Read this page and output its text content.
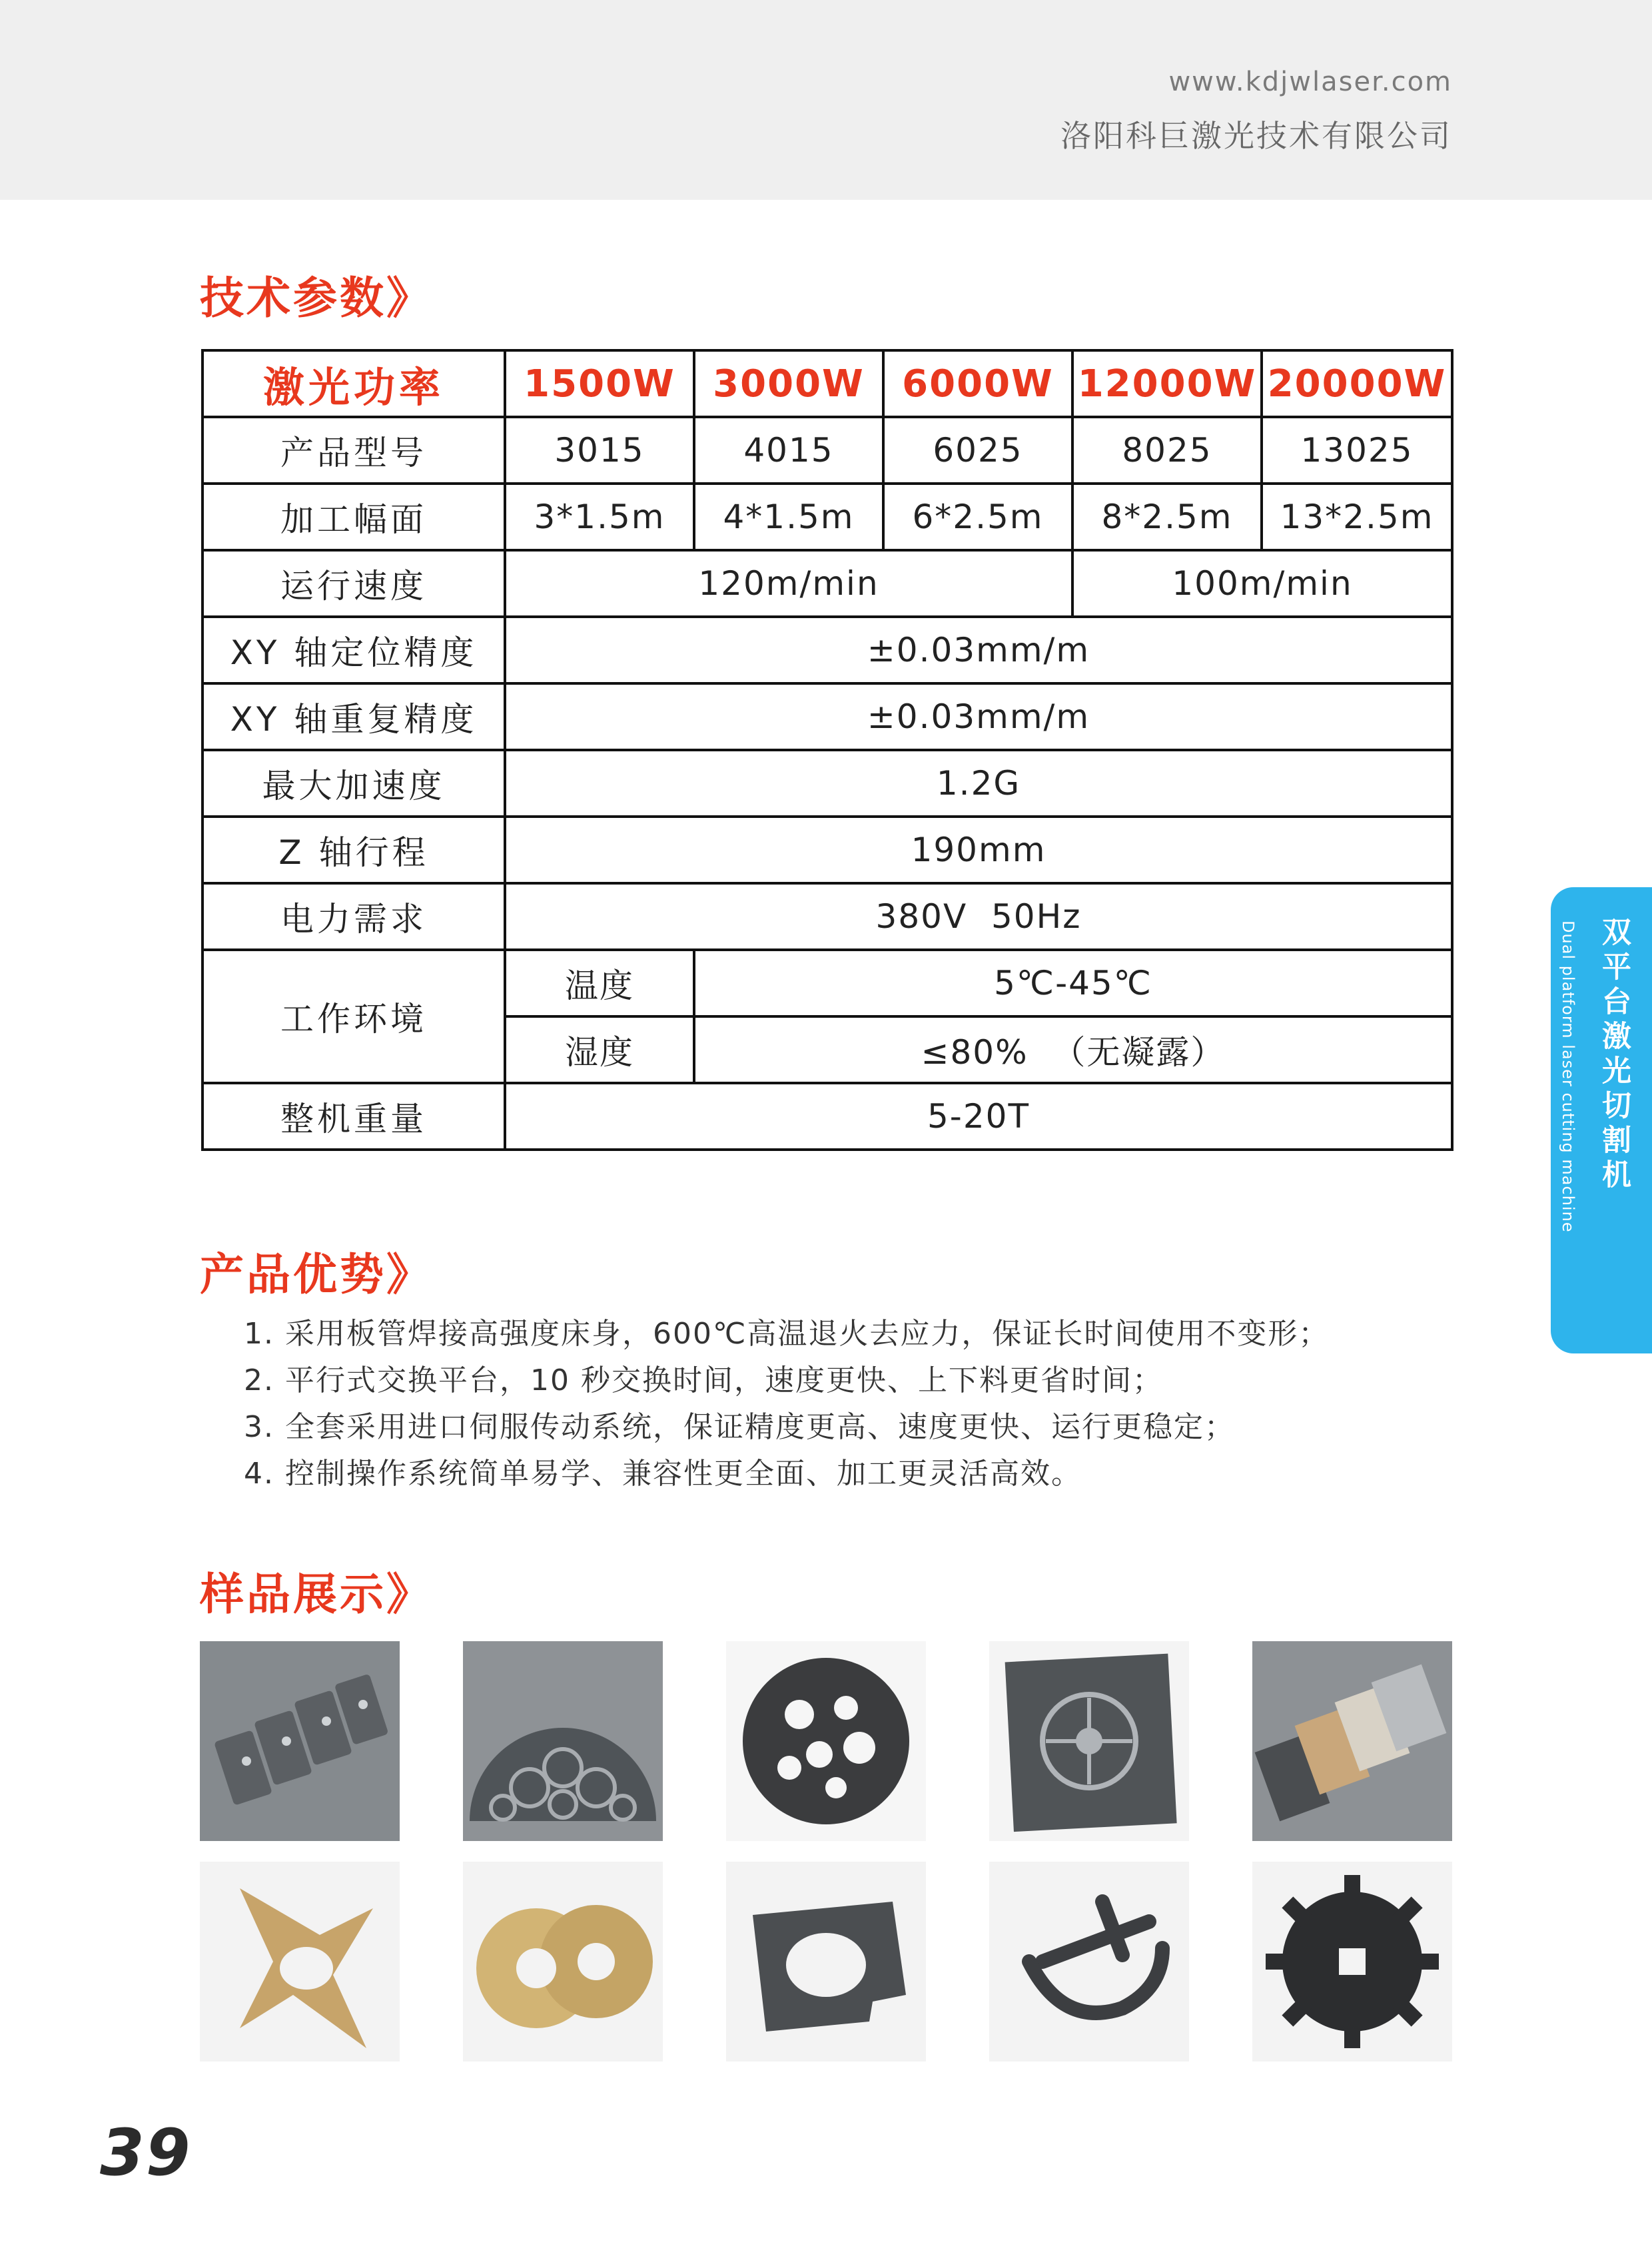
www.kdjwlaser.com
洛阳科巨激光技术有限公司
技术参数》
激光功率	1500W	3000W	6000W	12000W	20000W
产品型号	3015	4015	6025	8025	13025
加工幅面	3*1.5m	4*1.5m	6*2.5m	8*2.5m	13*2.5m
运行速度	120m/min			100m/min	
XY 轴定位精度	±0.03mm/m				
XY 轴重复精度	±0.03mm/m				
最大加速度	1.2G				
Z 轴行程	190mm				
电力需求	380V  50Hz				
工作环境	温度	5℃-45℃			
	湿度	≤80%  （无凝露）			
整机重量	5-20T				
产品优势》
1. 采用板管焊接高强度床身，600℃高温退火去应力，保证长时间使用不变形；
2. 平行式交换平台，10 秒交换时间，速度更快、上下料更省时间；
3. 全套采用进口伺服传动系统，保证精度更高、速度更快、运行更稳定；
4. 控制操作系统简单易学、兼容性更全面、加工更灵活高效。
双平台激光切割机
Dual platform laser cutting machine
样品展示》
39
